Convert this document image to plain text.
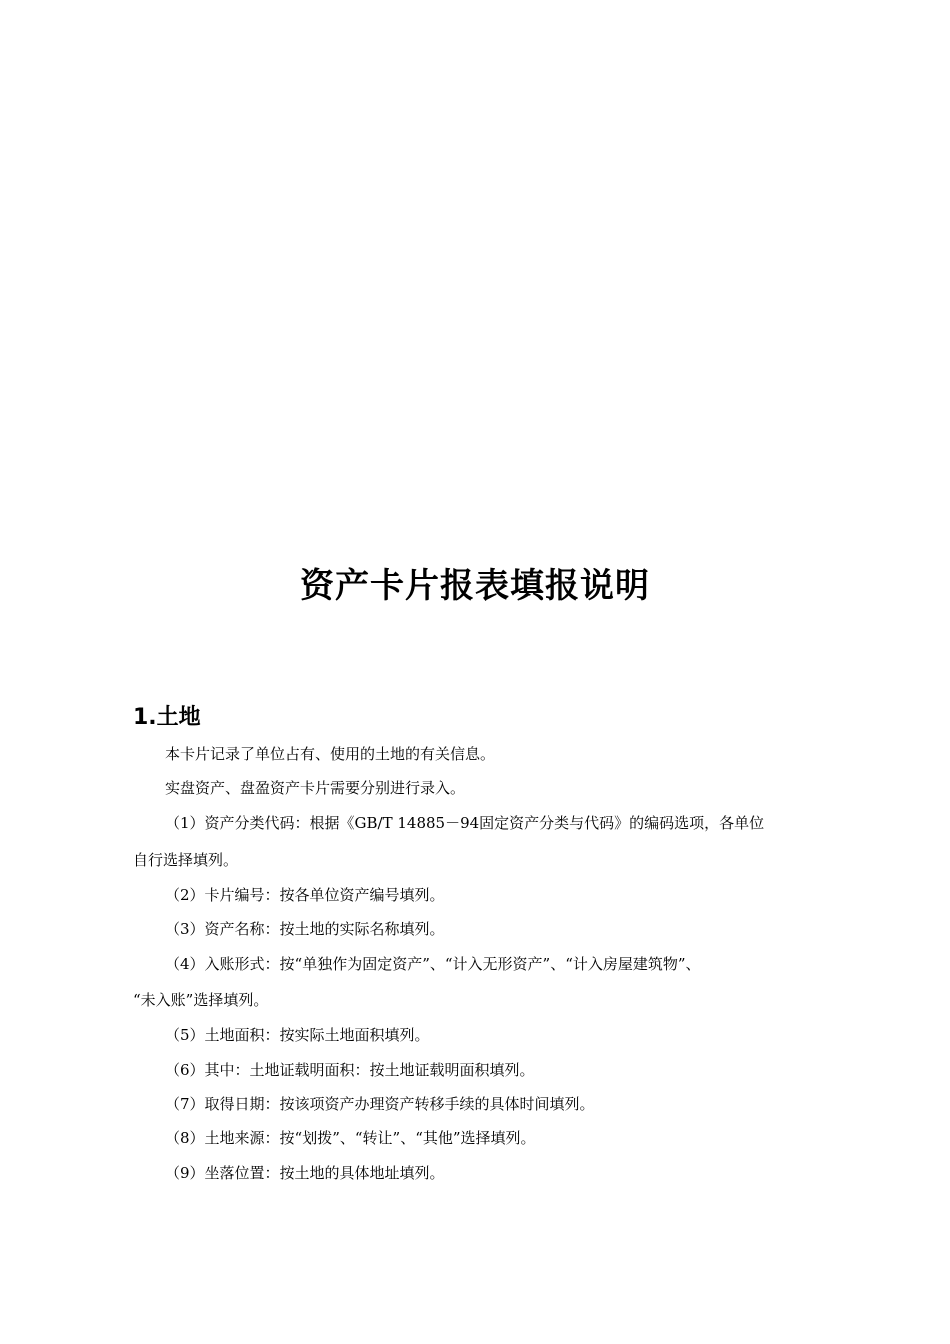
资产卡片报表填报说明
1.土地
本卡片记录了单位占有、使用的土地的有关信息。
实盘资产、盘盈资产卡片需要分别进行录入。
（1）资产分类代码：根据《GB/T 14885－94固定资产分类与代码》的编码选项，各单位
自行选择填列。
（2）卡片编号：按各单位资产编号填列。
（3）资产名称：按土地的实际名称填列。
（4）入账形式：按“单独作为固定资产”、“计入无形资产”、“计入房屋建筑物”、
“未入账”选择填列。
（5）土地面积：按实际土地面积填列。
（6）其中：土地证载明面积：按土地证载明面积填列。
（7）取得日期：按该项资产办理资产转移手续的具体时间填列。
（8）土地来源：按“划拨”、“转让”、“其他”选择填列。
（9）坐落位置：按土地的具体地址填列。
